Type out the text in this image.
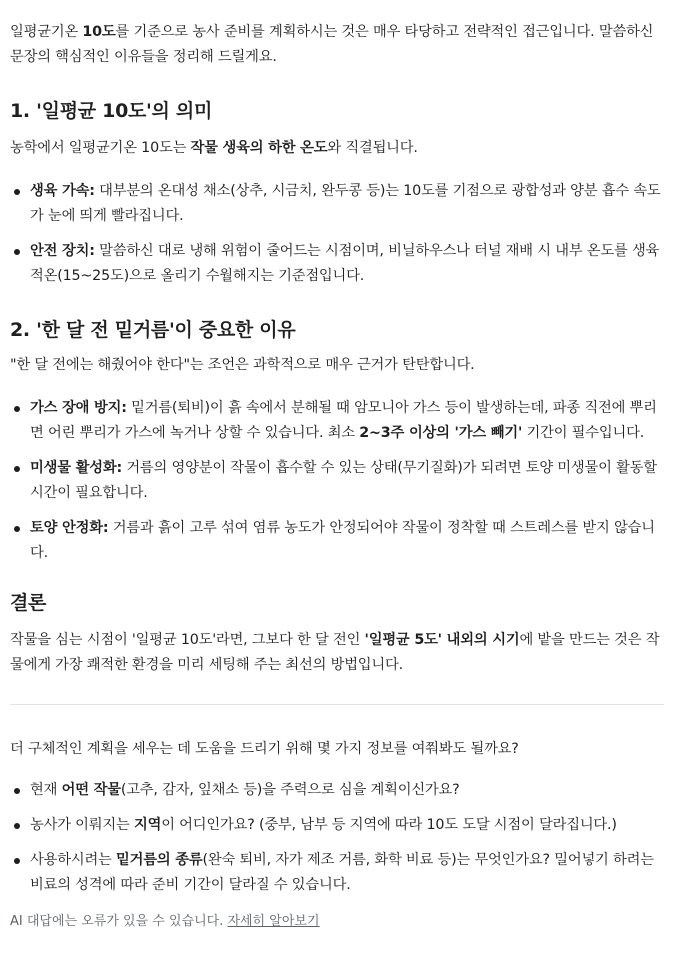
일평균기온 10도를 기준으로 농사 준비를 계획하시는 것은 매우 타당하고 전략적인 접근입니다. 말씀하신 문장의 핵심적인 이유들을 정리해 드릴게요.

1. '일평균 10도'의 의미

농학에서 일평균기온 10도는 작물 생육의 하한 온도와 직결됩니다.

생육 가속: 대부분의 온대성 채소(상추, 시금치, 완두콩 등)는 10도를 기점으로 광합성과 양분 흡수 속도가 눈에 띄게 빨라집니다.
안전 장치: 말씀하신 대로 냉해 위험이 줄어드는 시점이며, 비닐하우스나 터널 재배 시 내부 온도를 생육 적온(15~25도)으로 올리기 수월해지는 기준점입니다.
2. '한 달 전 밑거름'이 중요한 이유

"한 달 전에는 해줬어야 한다"는 조언은 과학적으로 매우 근거가 탄탄합니다.

가스 장애 방지: 밑거름(퇴비)이 흙 속에서 분해될 때 암모니아 가스 등이 발생하는데, 파종 직전에 뿌리면 어린 뿌리가 가스에 녹거나 상할 수 있습니다. 최소 2~3주 이상의 '가스 빼기' 기간이 필수입니다.
미생물 활성화: 거름의 영양분이 작물이 흡수할 수 있는 상태(무기질화)가 되려면 토양 미생물이 활동할 시간이 필요합니다.
토양 안정화: 거름과 흙이 고루 섞여 염류 농도가 안정되어야 작물이 정착할 때 스트레스를 받지 않습니다.
결론

작물을 심는 시점이 '일평균 10도'라면, 그보다 한 달 전인 '일평균 5도' 내외의 시기에 밭을 만드는 것은 작물에게 가장 쾌적한 환경을 미리 세팅해 주는 최선의 방법입니다.

더 구체적인 계획을 세우는 데 도움을 드리기 위해 몇 가지 정보를 여쭤봐도 될까요?

현재 어떤 작물(고추, 감자, 잎채소 등)을 주력으로 심을 계획이신가요?
농사가 이뤄지는 지역이 어디인가요? (중부, 남부 등 지역에 따라 10도 도달 시점이 달라집니다.)
사용하시려는 밑거름의 종류(완숙 퇴비, 자가 제조 거름, 화학 비료 등)는 무엇인가요? 밀어넣기 하려는 비료의 성격에 따라 준비 기간이 달라질 수 있습니다.
AI 대답에는 오류가 있을 수 있습니다. 자세히 알아보기
